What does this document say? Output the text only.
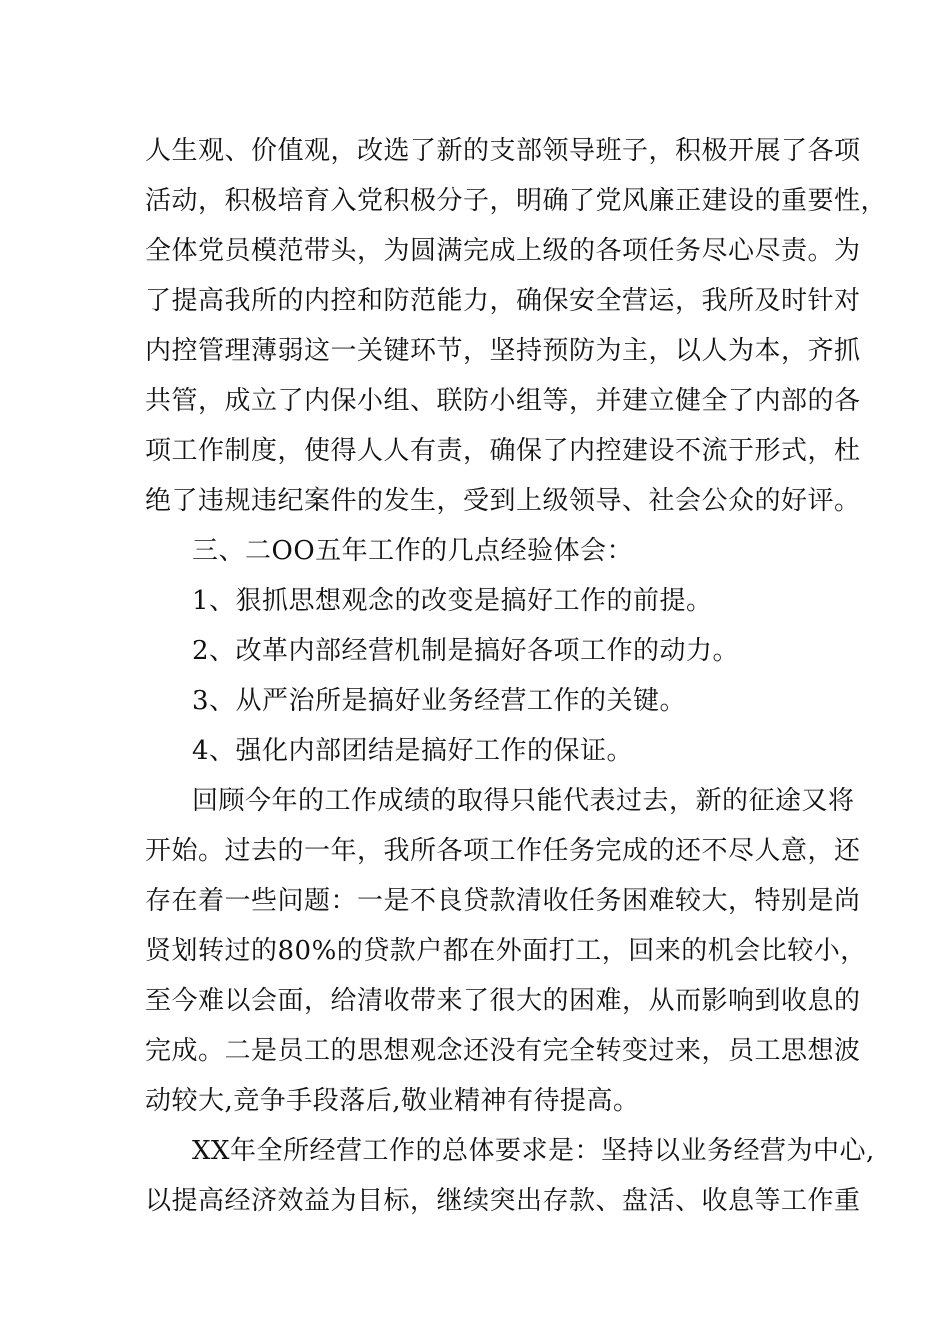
人生观、价值观，改选了新的支部领导班子，积极开展了各项
活动，积极培育入党积极分子，明确了党风廉正建设的重要性，
全体党员模范带头，为圆满完成上级的各项任务尽心尽责。为
了提高我所的内控和防范能力，确保安全营运，我所及时针对
内控管理薄弱这一关键环节，坚持预防为主，以人为本，齐抓
共管，成立了内保小组、联防小组等，并建立健全了内部的各
项工作制度，使得人人有责，确保了内控建设不流于形式，杜
绝了违规违纪案件的发生，受到上级领导、社会公众的好评。
三、二OO五年工作的几点经验体会：
1、狠抓思想观念的改变是搞好工作的前提。
2、改革内部经营机制是搞好各项工作的动力。
3、从严治所是搞好业务经营工作的关键。
4、强化内部团结是搞好工作的保证。
回顾今年的工作成绩的取得只能代表过去，新的征途又将
开始。过去的一年，我所各项工作任务完成的还不尽人意，还
存在着一些问题：一是不良贷款清收任务困难较大，特别是尚
贤划转过的80%的贷款户都在外面打工，回来的机会比较小，
至今难以会面，给清收带来了很大的困难，从而影响到收息的
完成。二是员工的思想观念还没有完全转变过来，员工思想波
动较大,竞争手段落后,敬业精神有待提高。
XX年全所经营工作的总体要求是：坚持以业务经营为中心,
以提高经济效益为目标，继续突出存款、盘活、收息等工作重
